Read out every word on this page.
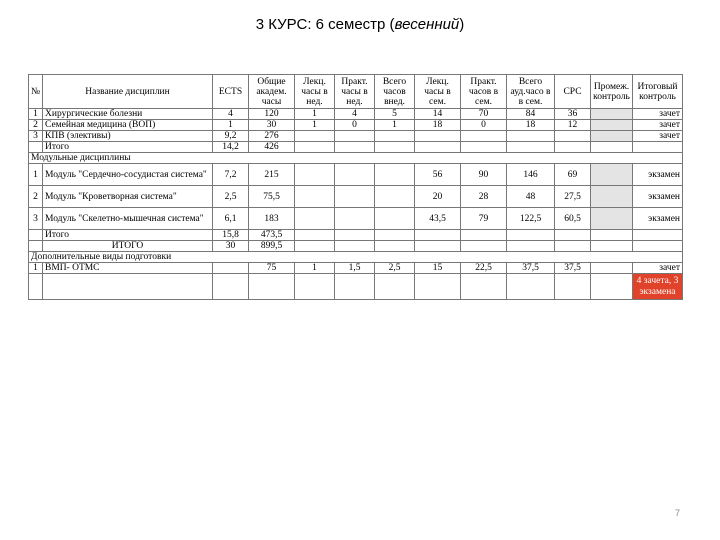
3 КУРС: 6 семестр (весенний)
№	Название дисциплин	ECTS	Общие академ. часы	Лекц. часы в нед.	Практ. часы в нед.	Всего часов внед.	Лекц. часы в сем.	Практ. часов в сем.	Всего ауд.часо в в сем.	СРС	Промеж. контроль	Итоговый контроль
1	Хирургические болезни	4	120	1	4	5	14	70	84	36		зачет
2	Семейная медицина (ВОП)	1	30	1	0	1	18	0	18	12		зачет
3	КПВ (элективы)	9,2	276									зачет
	Итого	14,2	426									
Модульные дисциплины												
1	Модуль "Сердечно-сосудистая система"	7,2	215				56	90	146	69		экзамен
2	Модуль "Кроветворная система"	2,5	75,5				20	28	48	27,5		экзамен
3	Модуль "Скелетно-мышечная система"	6,1	183				43,5	79	122,5	60,5		экзамен
	Итого	15,8	473,5									
	ИТОГО	30	899,5									
Дополнительные виды подготовки												
1	ВМП- ОТМС		75	1	1,5	2,5	15	22,5	37,5	37,5		зачет
												4 зачета, 3 экзамена
7
